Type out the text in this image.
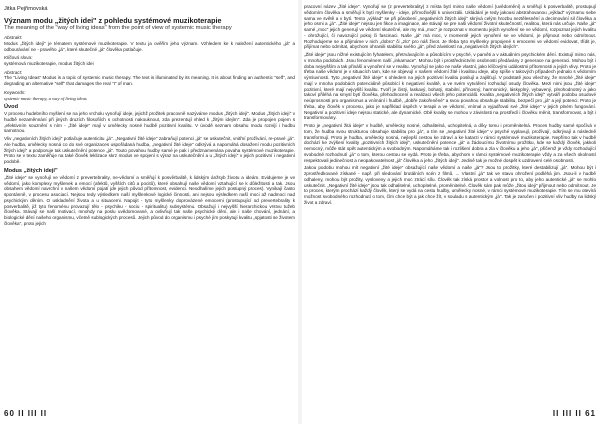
Jitka Pejřimovská

Význam modu „žitých idei" z pohledu systémové muzikoterapie

The meaning of the "way of living ideas" from the point of view of systemic music therapy

Abstrakt:

Modus „žitých idejí" je tématem systémové muzikoterapie. V textu ja ověřím jeho význam. Vzhledem ke k naležení autentického „já" a odbourávání ne - pravého „já", které skutečné „já" člověka potlačuje.

Klíčová slova:

systémová muzikoterapie, modus žitých idei

Abstract:

The "Living Ideas" Modus is a topic of systemic music therapy. The text is illuminated by its meaning. It is about finding an authentic "self", and degrading an alternative "self" that damages the real "I" of man.

Keywords:

systemic music therapy, a way of living ideas

Úvod

V procesu hudebního myšlení se na jeho vrcholu vynořují ideje, jejichž prožitek pracovně nazýváme modus „žitých idejí". Modus „žitých idejí" v hudbě nezaměnnání při jiných druzích filosofiích s ochotnosti nakouknout, zda prezentují vhled k „žitým idejím". Zda je propojen pojem s „efektivním souznění s ním - „žité ideje" mají v umělecky nosné hudbě pozitivní kvalitu. V úvodě seznam obsahu modu rozvíjí i hudbu samotnou.

Vliv „negativních žitých idejí" potlačuje autenticitu „já". „Negativní žité ideje" zabraňují potenci „já" se uskutečnit, vnitřní prožívání, re-pravé „já". Ale hudba, umělecky nosná co do své organizaces uspořádaná hudba, „negativní žité ideje" odkrývá a napomáhá dosažení modu pozitivních žitých idejí" a podporuje tak uskutečnění potence „já". Touto povahou hudby samé je pak i předznamenána povaha systémové muzikoterapie. Proto se v textu zaměřuje na také člověk leklizace skrz modus ve spojení s výraz na uskutečnění a u „žitých idejí" v jejich pozitivní i negativní podobě.

Modus „žitých idejí"

„Žité ideje" se vynořují ve vědomí z prevertebrality, ne-vědomí a směřují k posvěrbalitě, k lidským ánžsyb životu a ideám. Evidujeme je ve vědomí, jako komplexy myšlenek a emocí (afektů, vyšších citů a pocitů), které obsahují naše vědomí vztahující se k důležitosti a tak. Jsou obsahem vědomí navrchní v našem vědomí pojatí jde jejich původ přítomnost, evidenci. Neodhalíme jejich postupný proces). Vynikají často spontánně, v procesu asociací. Nejsou tedy výsledkem naší myšlenkové logické činnosti, ani nejsou výsledkem naší moci až nadmoci nad psychickým děním. O uskladnění života a u situacemi. Napojit - tyto myšlenky doprovázené emocemi (prostupující od prevertebrality k posverbalitě, již tyto fenoménu provazují tělo - psychiku - sociu - spiritualitu) subsystému. Obsažují i nejvyšší hierarchickou vrstvu tužeb člověka. Stávají se naší motivací, mnohdy na poslu uvědomované, a ovlivňují tak naše psychické dění, ale i naše chování, jednání, a biologické dění našeho organismu, včetně sublogických procesů. Jejich původ do organismu i psyché jím poskytují kvalitu „spjatosti se životem člověka", proto jejich

pracovní název „žité ideje". Vynořují se (z prevertebrality) z místa bytí mimo naše vědomí (uvědomění) a směřují k posverbalitě, prostupují vědomím člověka a směřují k bytí myšlenky - ideje, přímoživější k univerzálii. Ukládání je tedy jakousi abstrahovanou „výklad" významu sebe sama ve světě a v bytí. Tento „výklad" se při působení „negativních žitých idejí" skrývá celým hrozbu neztělesnění a decimování sil člověka a jeho osmi a „já". „Žité ideje" nejsou jen fikce a imaginace, ale stávají se pre naši vědomí životní skutečností, realitou, která nás určuje. Naše „já" samé „moc" jejich generují ve vědomí skutečné, ale my má „moc" je rozpoznat v momentu jejich vynoření se ve vědomí, rozpoznat jejich kvalitu - ohrožující, či navozující pokoj či fascinaci. Naše „já" má moc, v momentě jejich vynoření se ve vědomí, je přijmout nebo odmítnout. Rozhodujeme se a přijmáme v nich „dobro" či „zlo" pro náš život. Je třeba tyto myšlenky propojené s emocemi ve vědomí evidovat, třídit je, přijímat nebo odmítat, abychom ohraniili stabilitu svého „já", před závislostí na „negativních žitých idejích".

„Žité ideje" jsou nížné existujícím fyhatelem, přetrvávajícím a působícím v psyché, v paměti a v aktuálním psychickém dění. Existují mimo nás, v mnoha podobách. Jsou fenoménem naší „inkarnace". Mohou být i prostřednictvím osobnosti předávány z generace na generaci. Mohou být i doba nejvyšším a tak přináší a vynoření se v realitu. Vynořují se jako ne naše vlastní, jako klíčovými událostmi přítomnosti a jejich vlivy. Proto je třeba naše vědomí je v situacích tam, kde se objevují v našem vědomí žité i kvalitou ideje, aby spíše v takových případech jednalo s vědomím výmluvnosti. Tyto „negativní žité ideje" s ohledem na jejich pozitivní kvalitu posilují a zajišťují. V podstatě jsou všechny, že mnohé „žité ideje" mají v mnoha podobách potenciálně působící k negativní kvalitě, a ve svém vytváření rozhodují osudy člověka. Mezi nimi jsou „žité ideje" pozitivní, které mají nejvyšší kvalitu. Tvoří je čistý, laskavý, bohatý, stabilní, přínosný, harmonický, láskyplný, vybavený, plnohodnotný a jako takoví přiléhá na smysl bytí člověka, přehodnocení a realizaci všech jeho potenciálů. Kvalita „negativních žitých idejí" vytváří podobu osudové neúprosnosti pro organismus a vnímání i hudbě, „dobře zakořeněné" a svou povahou obsahuje stabilitu, bezpečí pro „já" a její potenci. Proto je třeba, aby člověk v procesu, jako je například úspěch v terapii a ve vědomí, vnímal a vyjadřoval své „žité ideje" v jejich plném fungování. Negativní a pozitivní ideje nejsou statické, ale dynamické. Obě kvality se mohou v závislosti na prostředí i člověku měnit, transformovat, a být i transformovány.

Proto je „negativní žitá ideje" v hudbě, umělecky nosné, odhalitelná, uchopitelná, a díky tomu i proměnitelná. Proces hudby samé spočívá v tom, že hudba svou strukturou obsahuje stabilitu pro „já", a tím se „negativní žité ideje" v psyché vyplavují, prožívají, odkrývají a následně transformují. Proto je hudba, umělecky nosná, nejlepší cestou ke zdraví a ke katarzi v rámci systémové muzikoterapie. Nepřímo tak v hudbě dochází ke zvýšení kvality „pozitivních žitých idejí", uskutečnění potence „já" a žádoucímu životnímu prožitku, kde se každý člověk, jakkoli nemocný, může stát opět autentickým a svobodným. Napomáháme tak i rozlišení dobra a zla v člověku a jeho „já", přičemž je vždy rozhodující svobodné rozhodnutí „já" o tom, kterou cestou se vydá. Proto je třeba, abychom v rámci systémové muzikoterapie vždy a za všech okolností respektovali jedinečnost a neopakovatelnost „já" člověka a jeho „žitých idejí". Jedině tak je možné dospět k uzdravení celé osobnosti.

Jakou podobu mohou mít negativní „žité ideje" obsažující naše vědomí a naše „já"? Jsou to prožitky, které destabilizují „já". Mohou být i zprostředkované získané - např. při sledování brutálních scén z filmů. ... Vlastní „já" tak ve stavu ohrožení podléhá jim. Jsou-li v hudbě odhaleny, mohou být prožity, vysloveny a jejich moc ztrácí sílu. Člověk tak získá prostor a volnost pro to, aby jeho autentické „já" se mohlo uskutečnit. „Negativní žité ideje" jsou tak odhalitelné, uchopitelné, proměnitelné. Člověk sám pak může „žitou ideji" přijmout nebo odmítnout. Je to proces, kterým prochází každý člověk, který se vydá na cestu hudby, umělecky nosné, v rámci systémové muzikoterapie. Tím se mu otevírá možnost svobodného rozhodnutí o tom, čím chce být a jak chce žít, v souladu s autentickým „já". Tak je zaručen i pozitivní vliv hudby na lidský život a zdraví.

60 II III II	II III II 61
